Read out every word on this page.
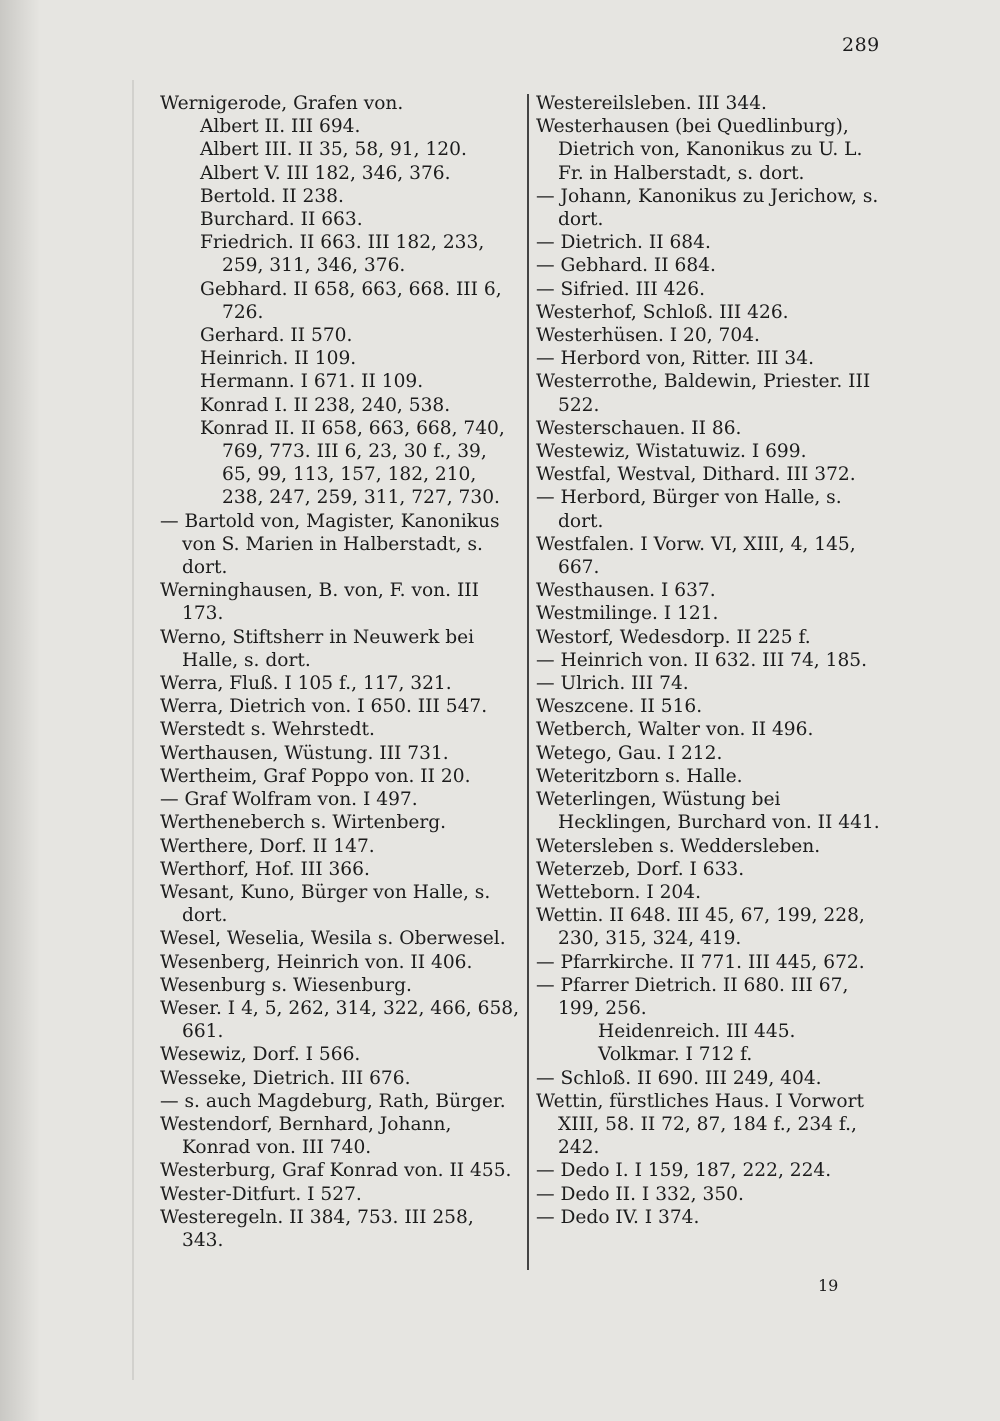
289

Wernigerode, Grafen von.

Albert II. III 694.

Albert III. II 35, 58, 91, 120.

Albert V. III 182, 346, 376.

Bertold. II 238.

Burchard. II 663.

Friedrich. II 663. III 182, 233, 259, 311, 346, 376.

Gebhard. II 658, 663, 668. III 6, 726.

Gerhard. II 570.

Heinrich. II 109.

Hermann. I 671. II 109.

Konrad I. II 238, 240, 538.

Konrad II. II 658, 663, 668, 740, 769, 773. III 6, 23, 30 f., 39, 65, 99, 113, 157, 182, 210, 238, 247, 259, 311, 727, 730.

— Bartold von, Magister, Kanonikus von S. Marien in Halberstadt, s. dort.

Werninghausen, B. von, F. von. III 173.

Werno, Stiftsherr in Neuwerk bei Halle, s. dort.

Werra, Fluß. I 105 f., 117, 321.

Werra, Dietrich von. I 650. III 547.

Werstedt s. Wehrstedt.

Werthausen, Wüstung. III 731.

Wertheim, Graf Poppo von. II 20.

— Graf Wolfram von. I 497.

Wertheneberch s. Wirtenberg.

Werthere, Dorf. II 147.

Werthorf, Hof. III 366.

Wesant, Kuno, Bürger von Halle, s. dort.

Wesel, Weselia, Wesila s. Oberwesel.

Wesenberg, Heinrich von. II 406.

Wesenburg s. Wiesenburg.

Weser. I 4, 5, 262, 314, 322, 466, 658, 661.

Wesewiz, Dorf. I 566.

Wesseke, Dietrich. III 676.

— s. auch Magdeburg, Rath, Bürger.

Westendorf, Bernhard, Johann, Konrad von. III 740.

Westerburg, Graf Konrad von. II 455.

Wester-Ditfurt. I 527.

Westeregeln. II 384, 753. III 258, 343.

Westereilsleben. III 344.

Westerhausen (bei Quedlinburg), Dietrich von, Kanonikus zu U. L. Fr. in Halberstadt, s. dort.

— Johann, Kanonikus zu Jerichow, s. dort.

— Dietrich. II 684.

— Gebhard. II 684.

— Sifried. III 426.

Westerhof, Schloß. III 426.

Westerhüsen. I 20, 704.

— Herbord von, Ritter. III 34.

Westerrothe, Baldewin, Priester. III 522.

Westerschauen. II 86.

Westewiz, Wistatuwiz. I 699.

Westfal, Westval, Dithard. III 372.

— Herbord, Bürger von Halle, s. dort.

Westfalen. I Vorw. VI, XIII, 4, 145, 667.

Westhausen. I 637.

Westmilinge. I 121.

Westorf, Wedesdorp. II 225 f.

— Heinrich von. II 632. III 74, 185.

— Ulrich. III 74.

Weszcene. II 516.

Wetberch, Walter von. II 496.

Wetego, Gau. I 212.

Weteritzborn s. Halle.

Weterlingen, Wüstung bei Hecklingen, Burchard von. II 441.

Wetersleben s. Weddersleben.

Weterzeb, Dorf. I 633.

Wetteborn. I 204.

Wettin. II 648. III 45, 67, 199, 228, 230, 315, 324, 419.

— Pfarrkirche. II 771. III 445, 672.

— Pfarrer Dietrich. II 680. III 67, 199, 256.

Heidenreich. III 445.

Volkmar. I 712 f.

— Schloß. II 690. III 249, 404.

Wettin, fürstliches Haus. I Vorwort XIII, 58. II 72, 87, 184 f., 234 f., 242.

— Dedo I. I 159, 187, 222, 224.

— Dedo II. I 332, 350.

— Dedo IV. I 374.

19
